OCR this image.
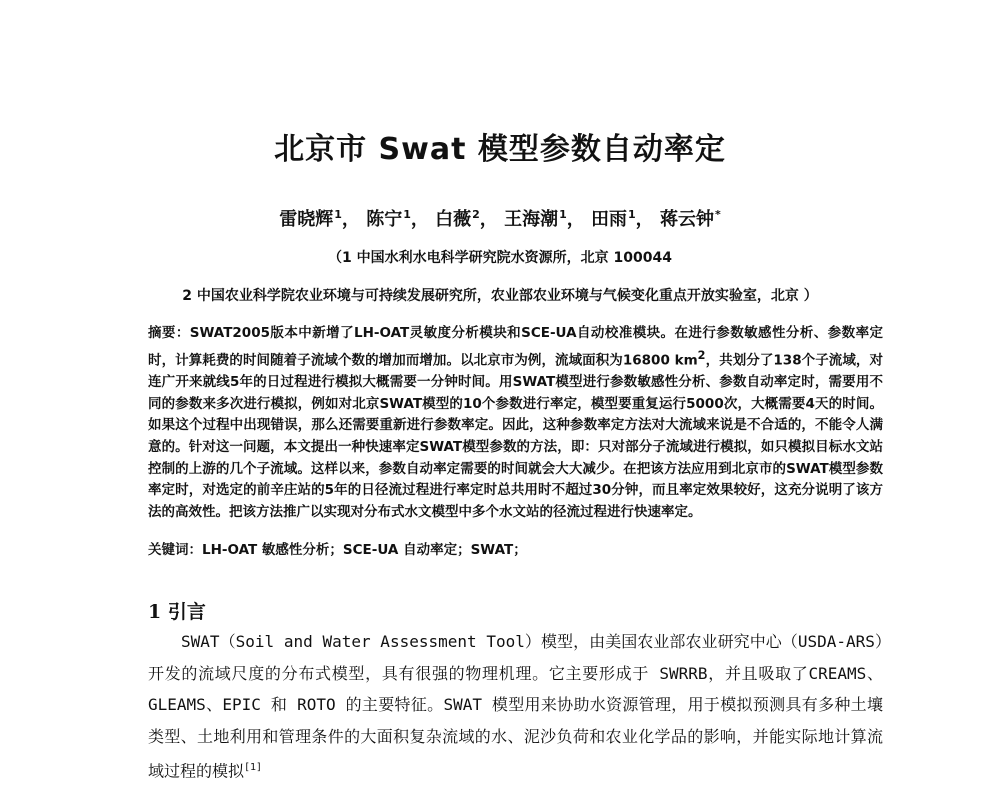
北京市 Swat 模型参数自动率定
雷晓辉$^1$， 陈宁$^1$， 白薇$^2$， 王海潮$^1$， 田雨$^1$， 蒋云钟*
（1 中国水利水电科学研究院水资源所，北京 100044
2 中国农业科学院农业环境与可持续发展研究所，农业部农业环境与气候变化重点开放实验室，北京 ）
摘要：SWAT2005版本中新增了LH-OAT灵敏度分析模块和SCE-UA自动校准模块。在进行参数敏感性分析、参数率定时，计算耗费的时间随着子流域个数的增加而增加。以北京市为例，流域面积为16800 $km^2$，共划分了138个子流域，对连广开来就线5年的日过程进行模拟大概需要一分钟时间。用SWAT模型进行参数敏感性分析、参数自动率定时，需要用不同的参数来多次进行模拟，例如对北京SWAT模型的10个参数进行率定，模型要重复运行5000次，大概需要4天的时间。如果这个过程中出现错误，那么还需要重新进行参数率定。因此，这种参数率定方法对大流域来说是不合适的，不能令人满意的。针对这一问题，本文提出一种快速率定SWAT模型参数的方法，即：只对部分子流域进行模拟，如只模拟目标水文站控制的上游的几个子流域。这样以来，参数自动率定需要的时间就会大大减少。在把该方法应用到北京市的SWAT模型参数率定时，对选定的前辛庄站的5年的日径流过程进行率定时总共用时不超过30分钟，而且率定效果较好，这充分说明了该方法的高效性。把该方法推广以实现对分布式水文模型中多个水文站的径流过程进行快速率定。
关键词：LH-OAT 敏感性分析；SCE-UA 自动率定；SWAT；
1 引言
SWAT（Soil and Water Assessment Tool）模型，由美国农业部农业研究中心（USDA-ARS）开发的流域尺度的分布式模型，具有很强的物理机理。它主要形成于 SWRRB，并且吸取了CREAMS、GLEAMS、EPIC 和 ROTO 的主要特征。SWAT 模型用来协助水资源管理，用于模拟预测具有多种土壤类型、土地利用和管理条件的大面积复杂流域的水、泥沙负荷和农业化学品的影响，并能实际地计算流域过程的模拟[1]
